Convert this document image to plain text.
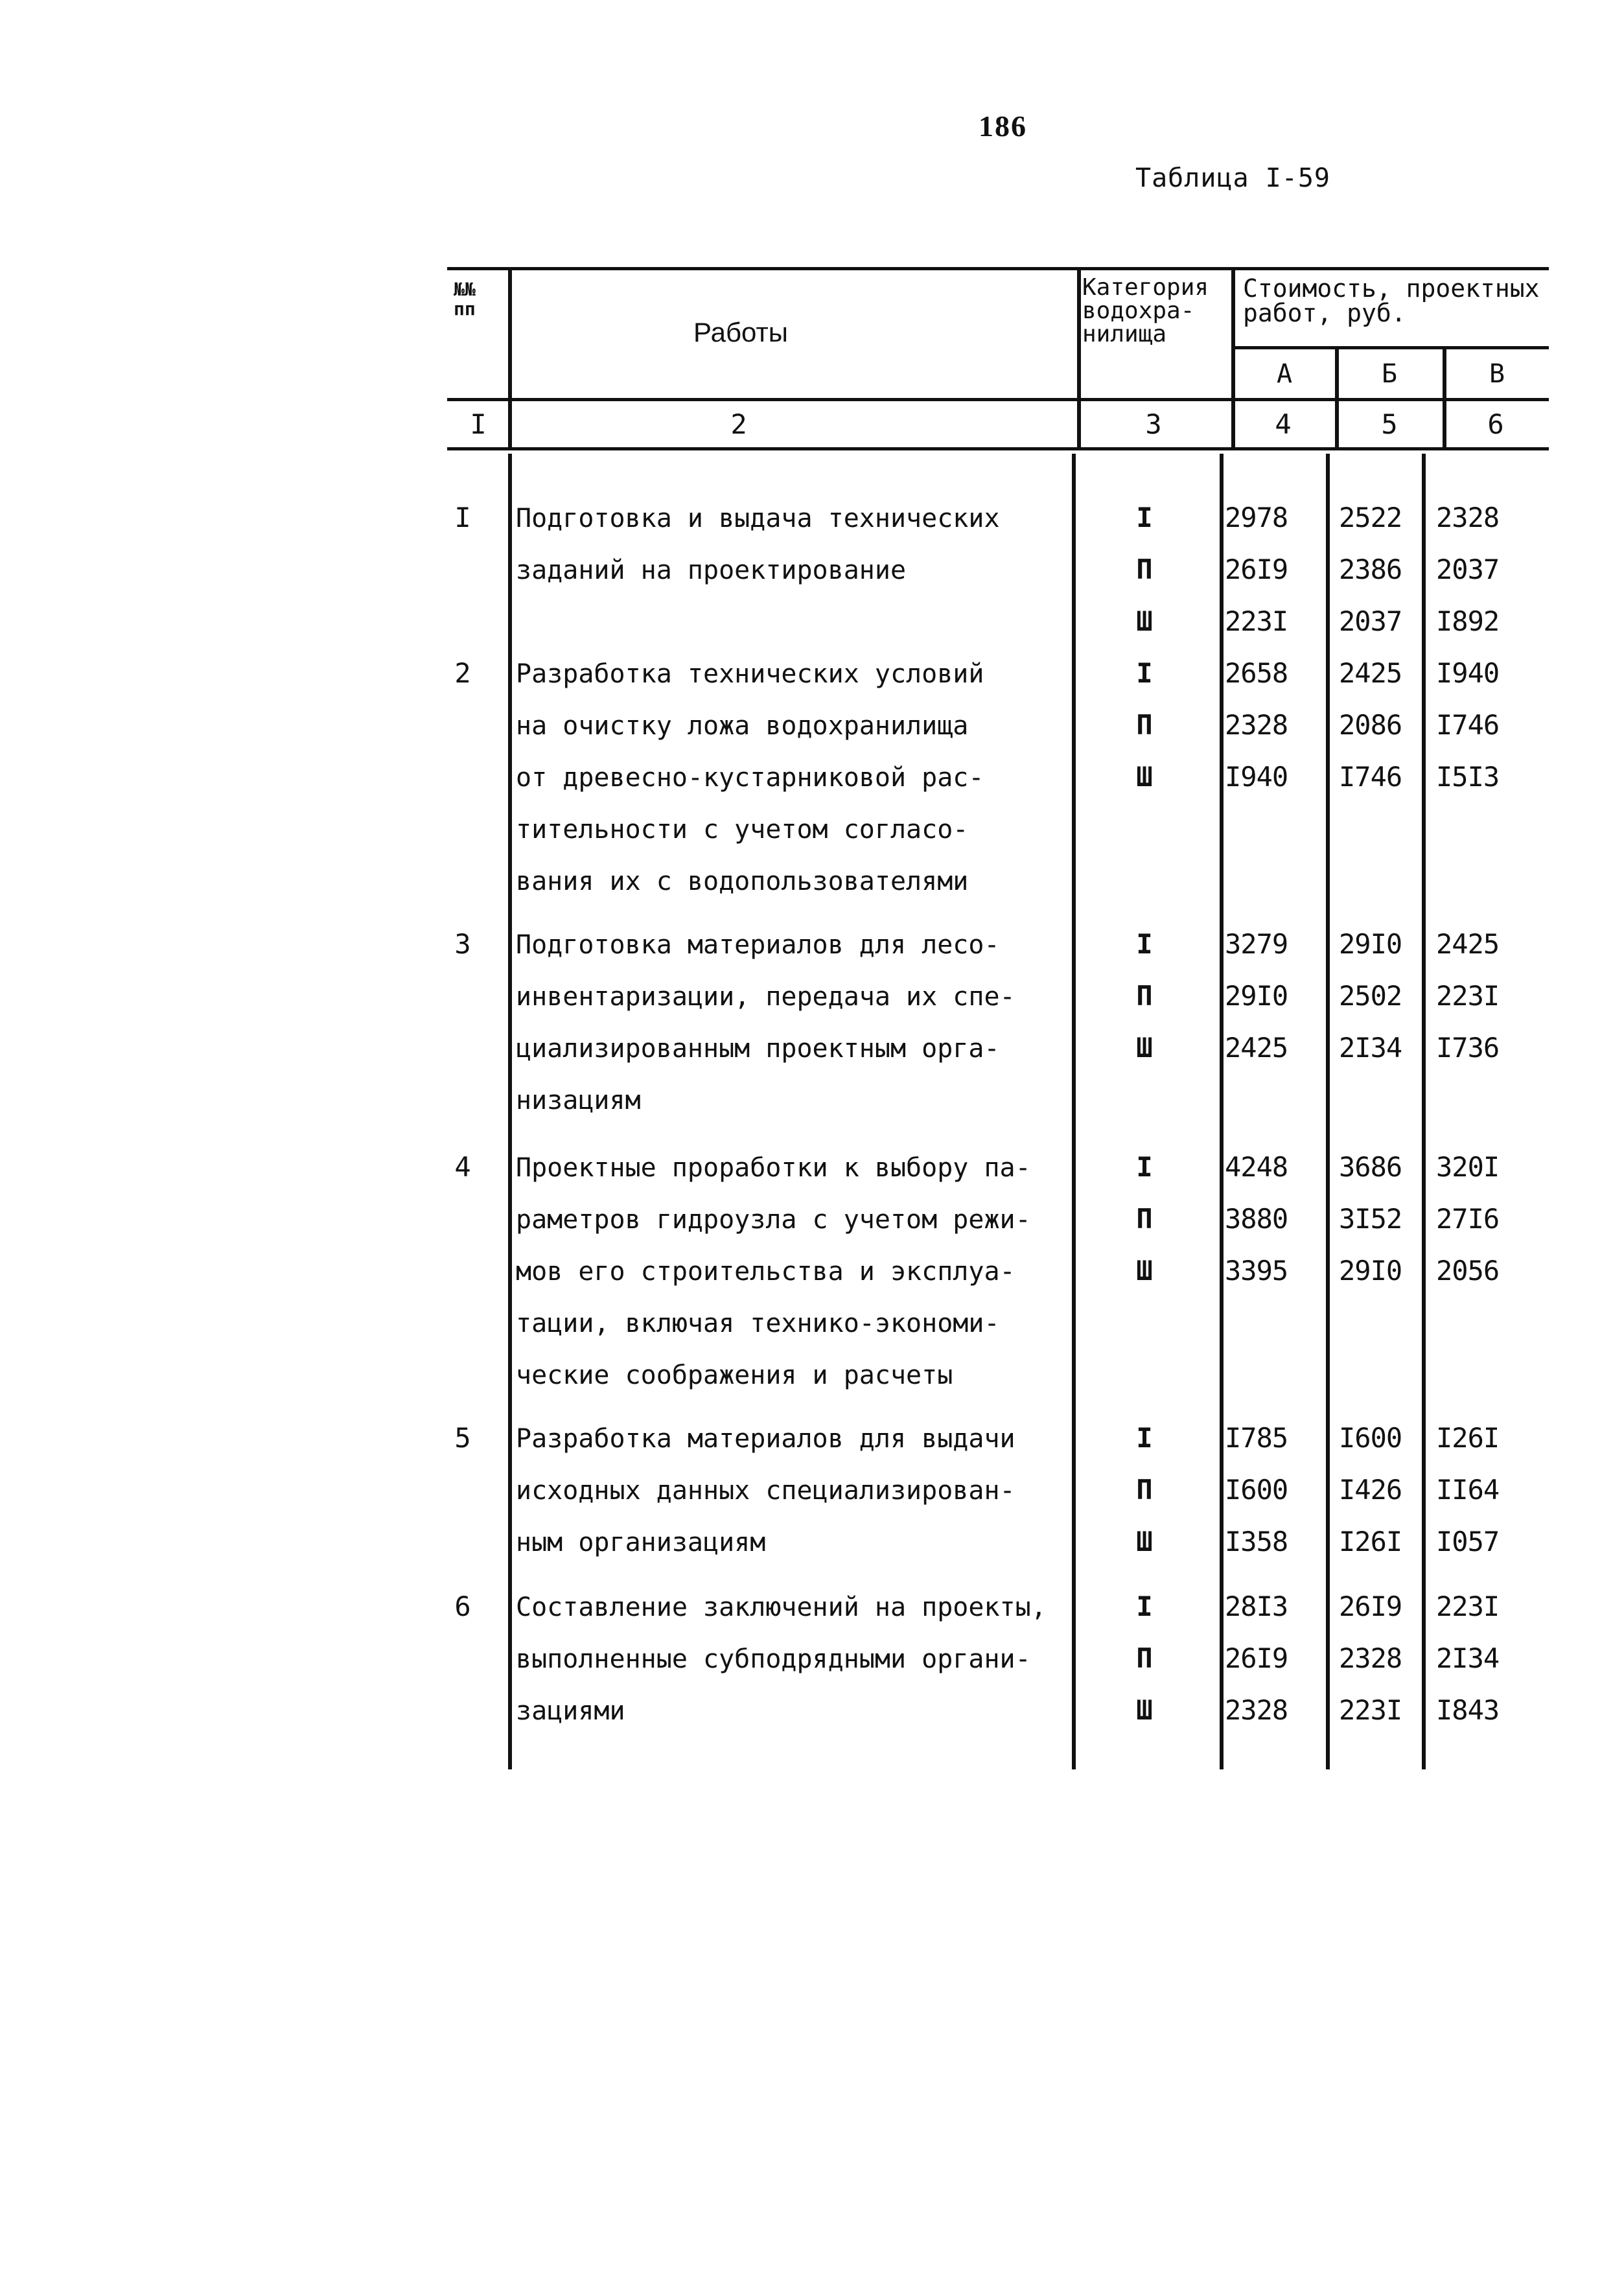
186
Таблица I-59
№№
пп
Работы
Категория водохра- нилища
Стоимость, проектных работ, руб.
А	Б	В
I	2	3	4	5	6
I	Подготовка и выдача технических
заданий на проектирование
I	2978 2522 2328
П	26I9 2386 2037
Ш	223I 2037 I892
2	Разработка технических условий
на очистку ложа водохранилища
от древесно-кустарниковой рас-
тительности с учетом согласо-
вания их с водопользователями
I	2658 2425 I940
П	2328 2086 I746
Ш	I940 I746 I5I3
3	Подготовка материалов для лесо-
инвентаризации, передача их спе-
циализированным проектным орга-
низациям
I	3279 29I0 2425
П	29I0 2502 223I
Ш	2425 2I34 I736
4	Проектные проработки к выбору па-
раметров гидроузла с учетом режи-
мов его строительства и эксплуа-
тации, включая технико-экономи-
ческие соображения и расчеты
I	4248 3686 320I
П	3880 3I52 27I6
Ш	3395 29I0 2056
5	Разработка материалов для выдачи
исходных данных специализирован-
ным организациям
I	I785 I600 I26I
П	I600 I426 II64
Ш	I358 I26I I057
6	Составление заключений на проекты,
выполненные субподрядными органи-
зациями
I	28I3 26I9 223I
П	26I9 2328 2I34
Ш	2328 223I I843
